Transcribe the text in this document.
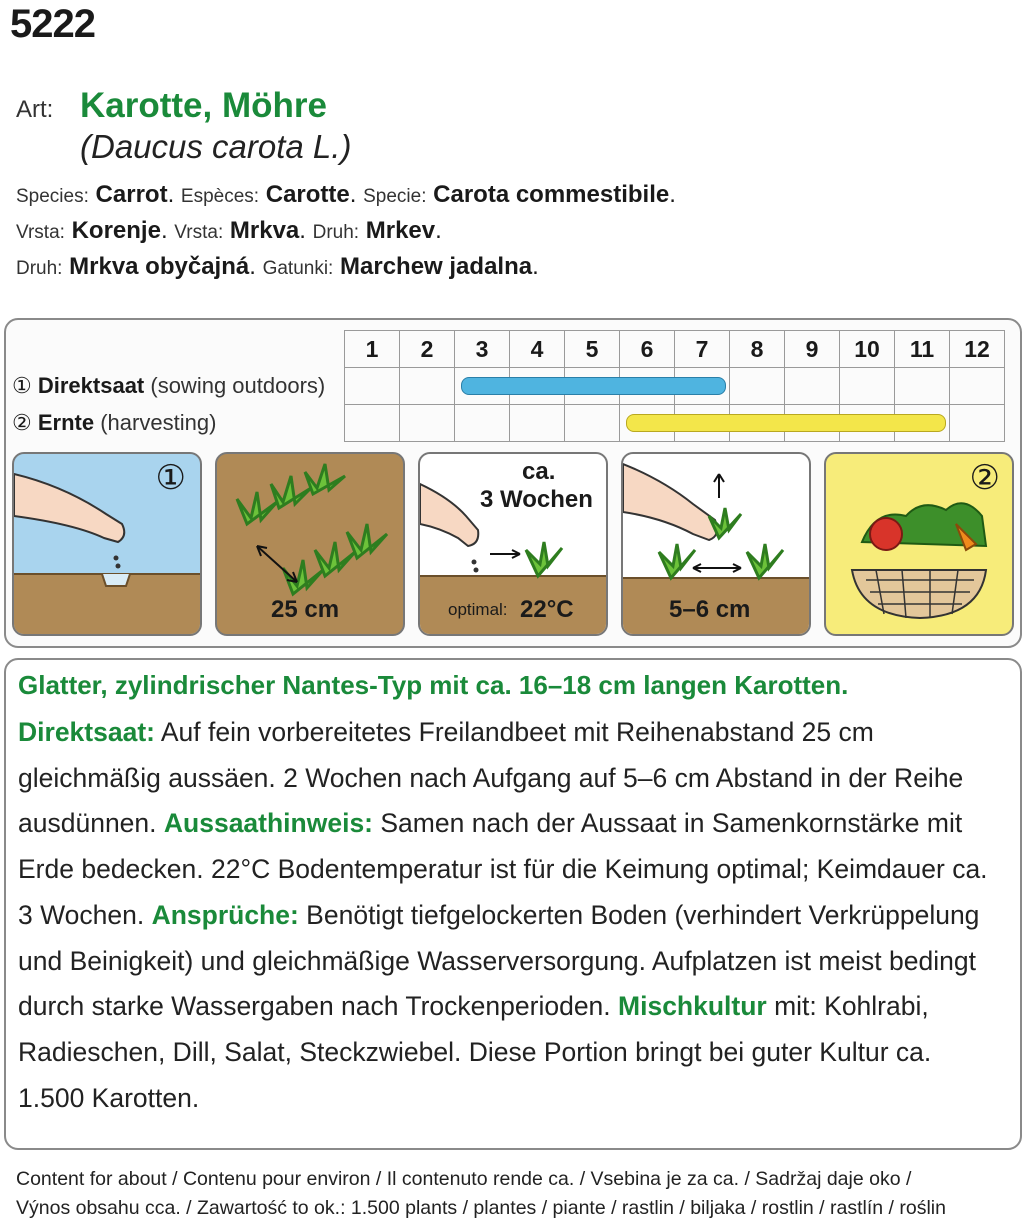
5222
Art: Karotte, Möhre
(Daucus carota L.)
Species: Carrot. Espèces: Carotte. Specie: Carota commestibile.
Vrsta: Korenje. Vrsta: Mrkva. Druh: Mrkev.
Druh: Mrkva obyčajná. Gatunki: Marchew jadalna.
	1	2	3	4	5	6	7	8	9	10	11	12
① Direktsaat (sowing outdoors)												
② Ernte (harvesting)												
①
25 cm
ca.
3 Wochen
optimal: 22°C	5–6 cm
②
Glatter, zylindrischer Nantes-Typ mit ca. 16–18 cm langen Karotten.
Direktsaat: Auf fein vorbereitetes Freilandbeet mit Reihenabstand 25 cm gleichmäßig aussäen. 2 Wochen nach Aufgang auf 5–6 cm Abstand in der Reihe ausdünnen. Aussaathinweis: Samen nach der Aussaat in Samenkornstärke mit Erde bedecken. 22°C Bodentemperatur ist für die Keimung optimal; Keimdauer ca. 3 Wochen. Ansprüche: Benötigt tiefgelockerten Boden (verhindert Verkrüppelung und Beinigkeit) und gleichmäßige Wasserversorgung. Aufplatzen ist meist bedingt durch starke Wassergaben nach Trockenperioden. Mischkultur mit: Kohlrabi, Radieschen, Dill, Salat, Steckzwiebel. Diese Portion bringt bei guter Kultur ca. 1.500 Karotten.
Content for about / Contenu pour environ / Il contenuto rende ca. / Vsebina je za ca. / Sadržaj daje oko /
Výnos obsahu cca. / Zawartość to ok.: 1.500 plants / plantes / piante / rastlin / biljaka / rostlin / rastlín / roślin
